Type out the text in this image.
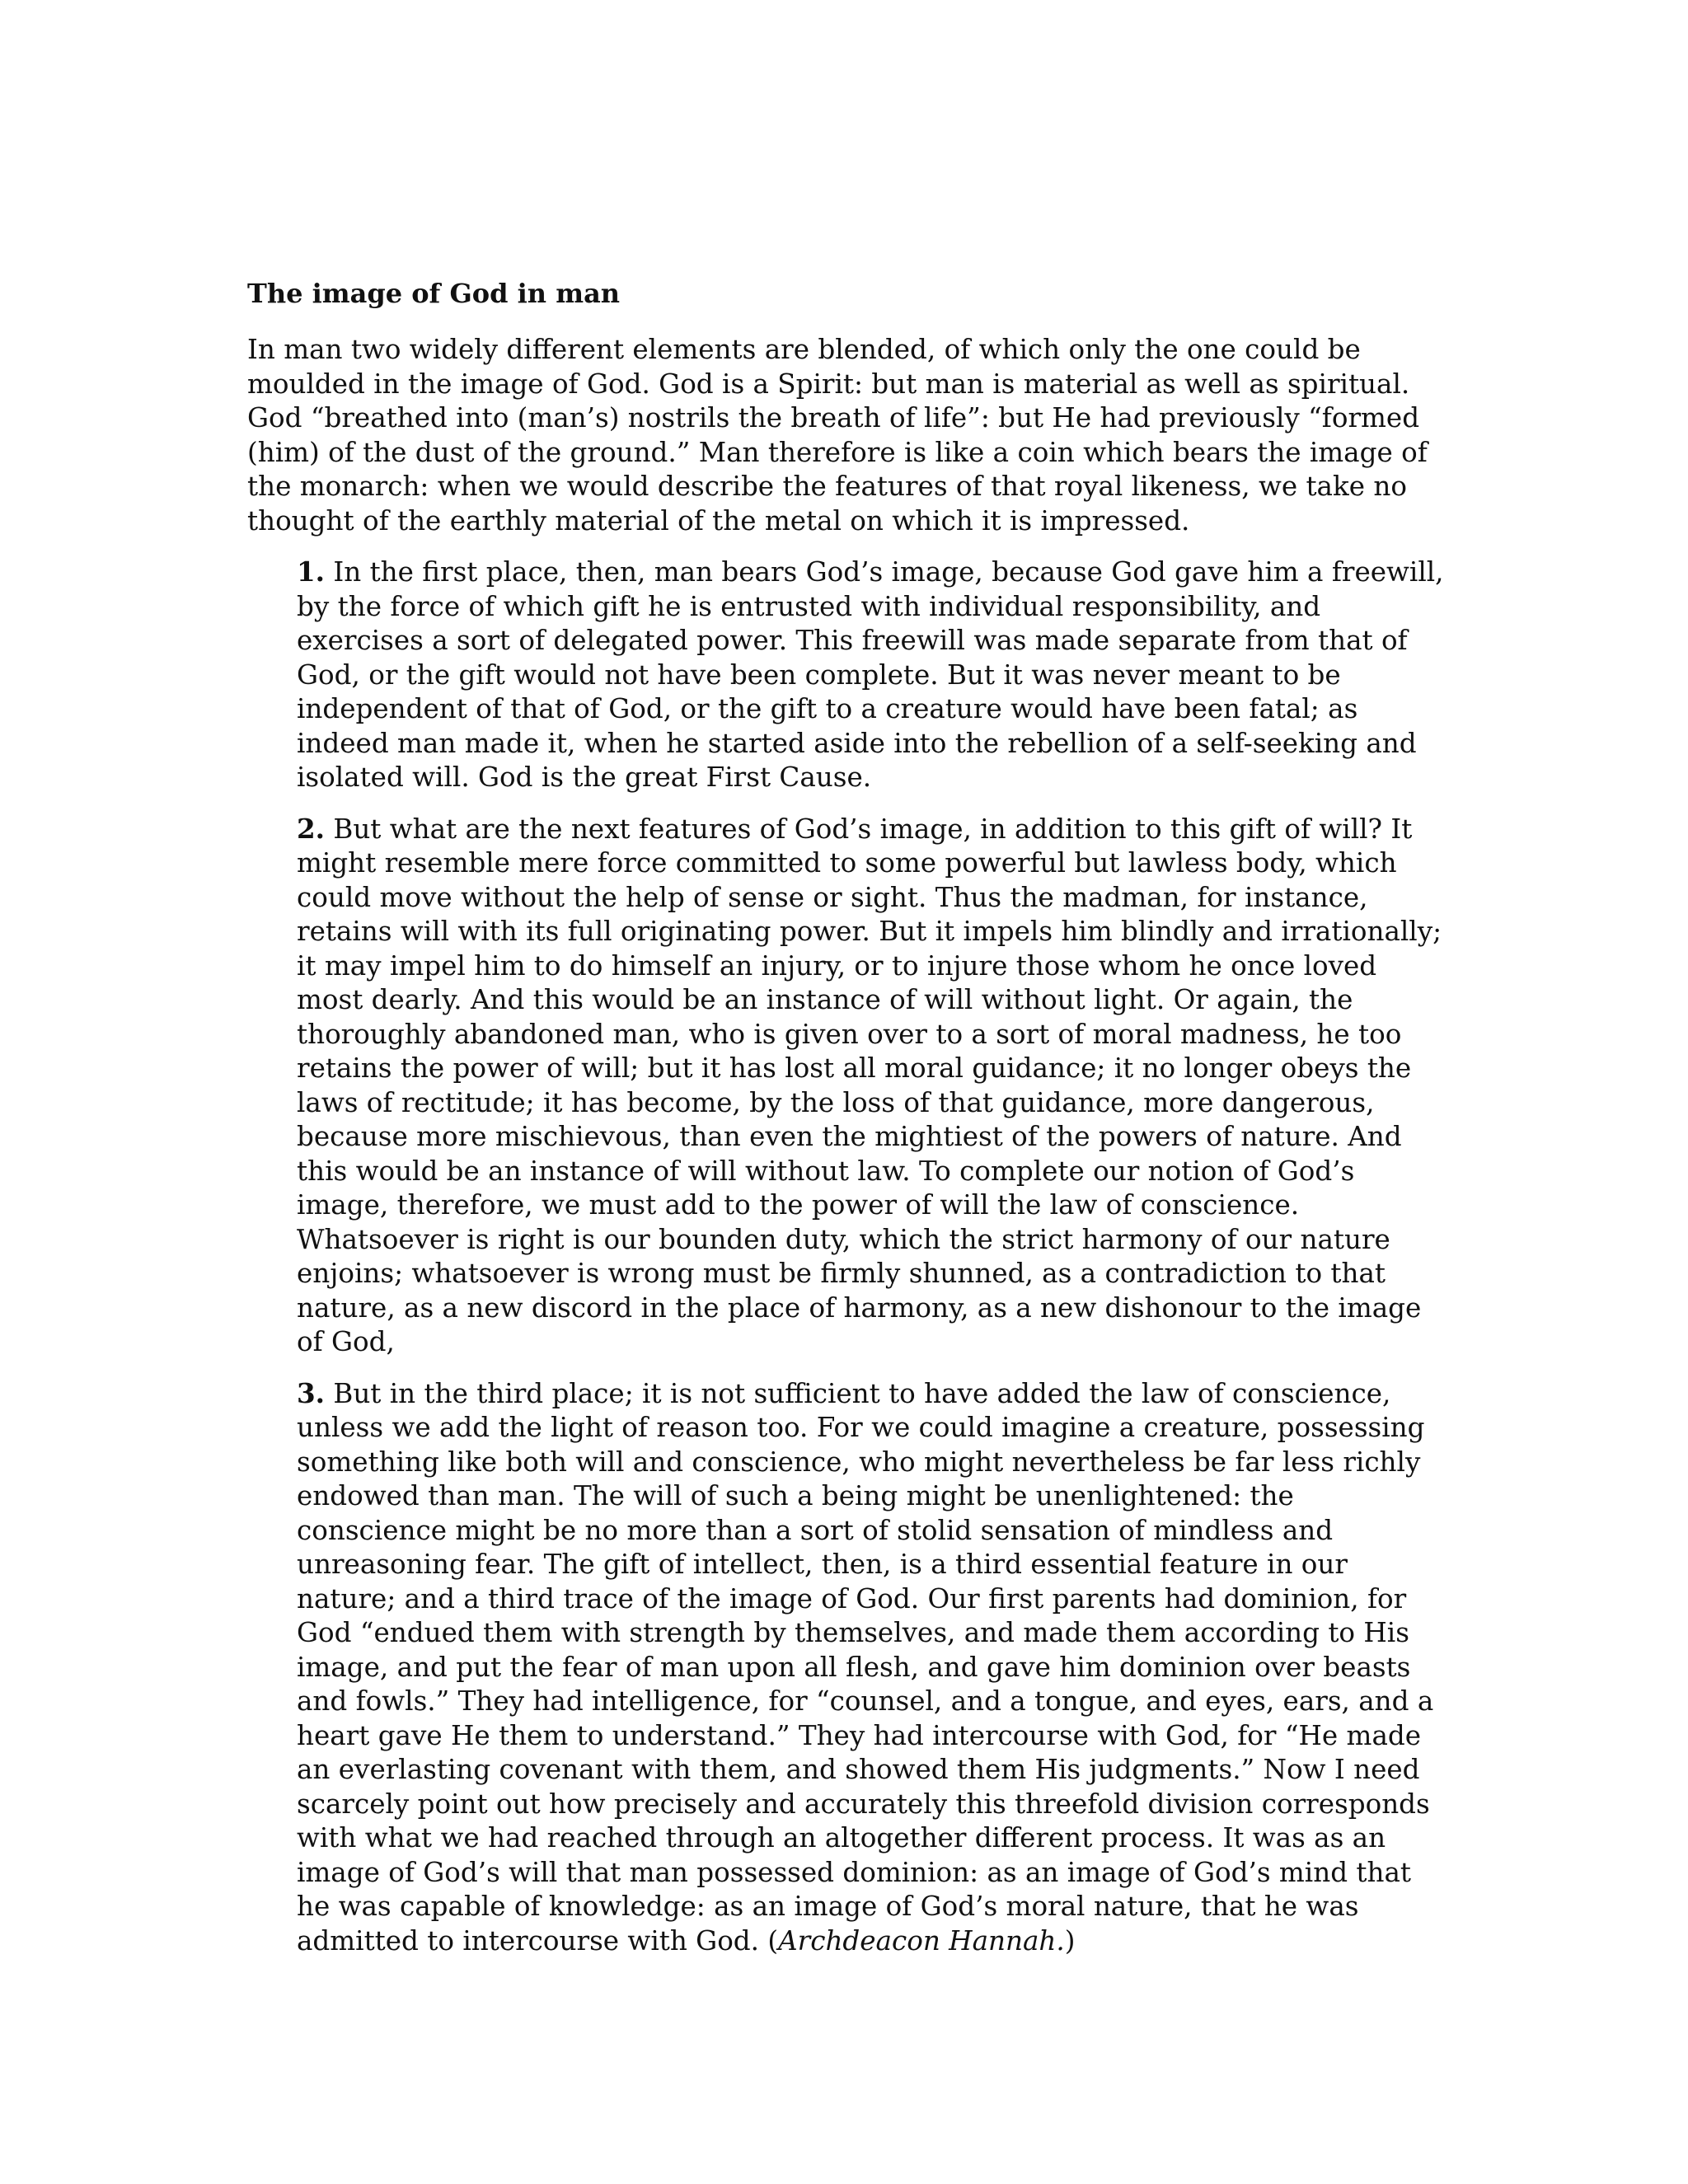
The image of God in man

In man two widely different elements are blended, of which only the one could be moulded in the image of God. God is a Spirit: but man is material as well as spiritual. God “breathed into (man’s) nostrils the breath of life”: but He had previously “formed (him) of the dust of the ground.” Man therefore is like a coin which bears the image of the monarch: when we would describe the features of that royal likeness, we take no thought of the earthly material of the metal on which it is impressed.

1. In the first place, then, man bears God’s image, because God gave him a freewill, by the force of which gift he is entrusted with individual responsibility, and exercises a sort of delegated power. This freewill was made separate from that of God, or the gift would not have been complete. But it was never meant to be independent of that of God, or the gift to a creature would have been fatal; as indeed man made it, when he started aside into the rebellion of a self-seeking and isolated will. God is the great First Cause.

2. But what are the next features of God’s image, in addition to this gift of will? It might resemble mere force committed to some powerful but lawless body, which could move without the help of sense or sight. Thus the madman, for instance, retains will with its full originating power. But it impels him blindly and irrationally; it may impel him to do himself an injury, or to injure those whom he once loved most dearly. And this would be an instance of will without light. Or again, the thoroughly abandoned man, who is given over to a sort of moral madness, he too retains the power of will; but it has lost all moral guidance; it no longer obeys the laws of rectitude; it has become, by the loss of that guidance, more dangerous, because more mischievous, than even the mightiest of the powers of nature. And this would be an instance of will without law. To complete our notion of God’s image, therefore, we must add to the power of will the law of conscience. Whatsoever is right is our bounden duty, which the strict harmony of our nature enjoins; whatsoever is wrong must be firmly shunned, as a contradiction to that nature, as a new discord in the place of harmony, as a new dishonour to the image of God,

3. But in the third place; it is not sufficient to have added the law of conscience, unless we add the light of reason too. For we could imagine a creature, possessing something like both will and conscience, who might nevertheless be far less richly endowed than man. The will of such a being might be unenlightened: the conscience might be no more than a sort of stolid sensation of mindless and unreasoning fear. The gift of intellect, then, is a third essential feature in our nature; and a third trace of the image of God. Our first parents had dominion, for God “endued them with strength by themselves, and made them according to His image, and put the fear of man upon all flesh, and gave him dominion over beasts and fowls.” They had intelligence, for “counsel, and a tongue, and eyes, ears, and a heart gave He them to understand.” They had intercourse with God, for “He made an everlasting covenant with them, and showed them His judgments.” Now I need scarcely point out how precisely and accurately this threefold division corresponds with what we had reached through an altogether different process. It was as an image of God’s will that man possessed dominion: as an image of God’s mind that he was capable of knowledge: as an image of God’s moral nature, that he was admitted to intercourse with God. (Archdeacon Hannah.)
